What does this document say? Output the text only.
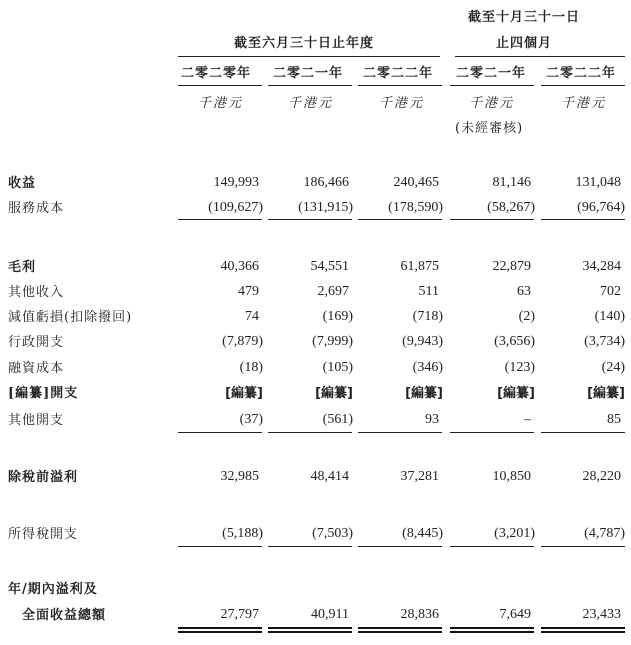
截至十月三十一日
截至六月三十日止年度	止四個月
二零二零年 二零二一年 二零二二年 二零二一年 二零二二年
千港元	千港元	千港元	千港元	千港元
(未經審核)
收益	149,993	186,466	240,465	81,146	131,048
服務成本	(109,627)	(131,915)	(178,590)	(58,267)	(96,764)
毛利	40,366	54,551	61,875	22,879	34,284
其他收入	479	2,697	511	63	702
減值虧損(扣除撥回)	74	(169)	(718)	(2)	(140)
行政開支	(7,879)	(7,999)	(9,943)	(3,656)	(3,734)
融資成本	(18)	(105)	(346)	(123)	(24)
[編纂]開支	[編纂]	[編纂]	[編纂]	[編纂]	[編纂]
其他開支	(37)	(561)	93	–	85
除稅前溢利	32,985	48,414	37,281	10,850	28,220
所得稅開支	(5,188)	(7,503)	(8,445)	(3,201)	(4,787)
年/期內溢利及
全面收益總額	27,797	40,911	28,836	7,649	23,433
